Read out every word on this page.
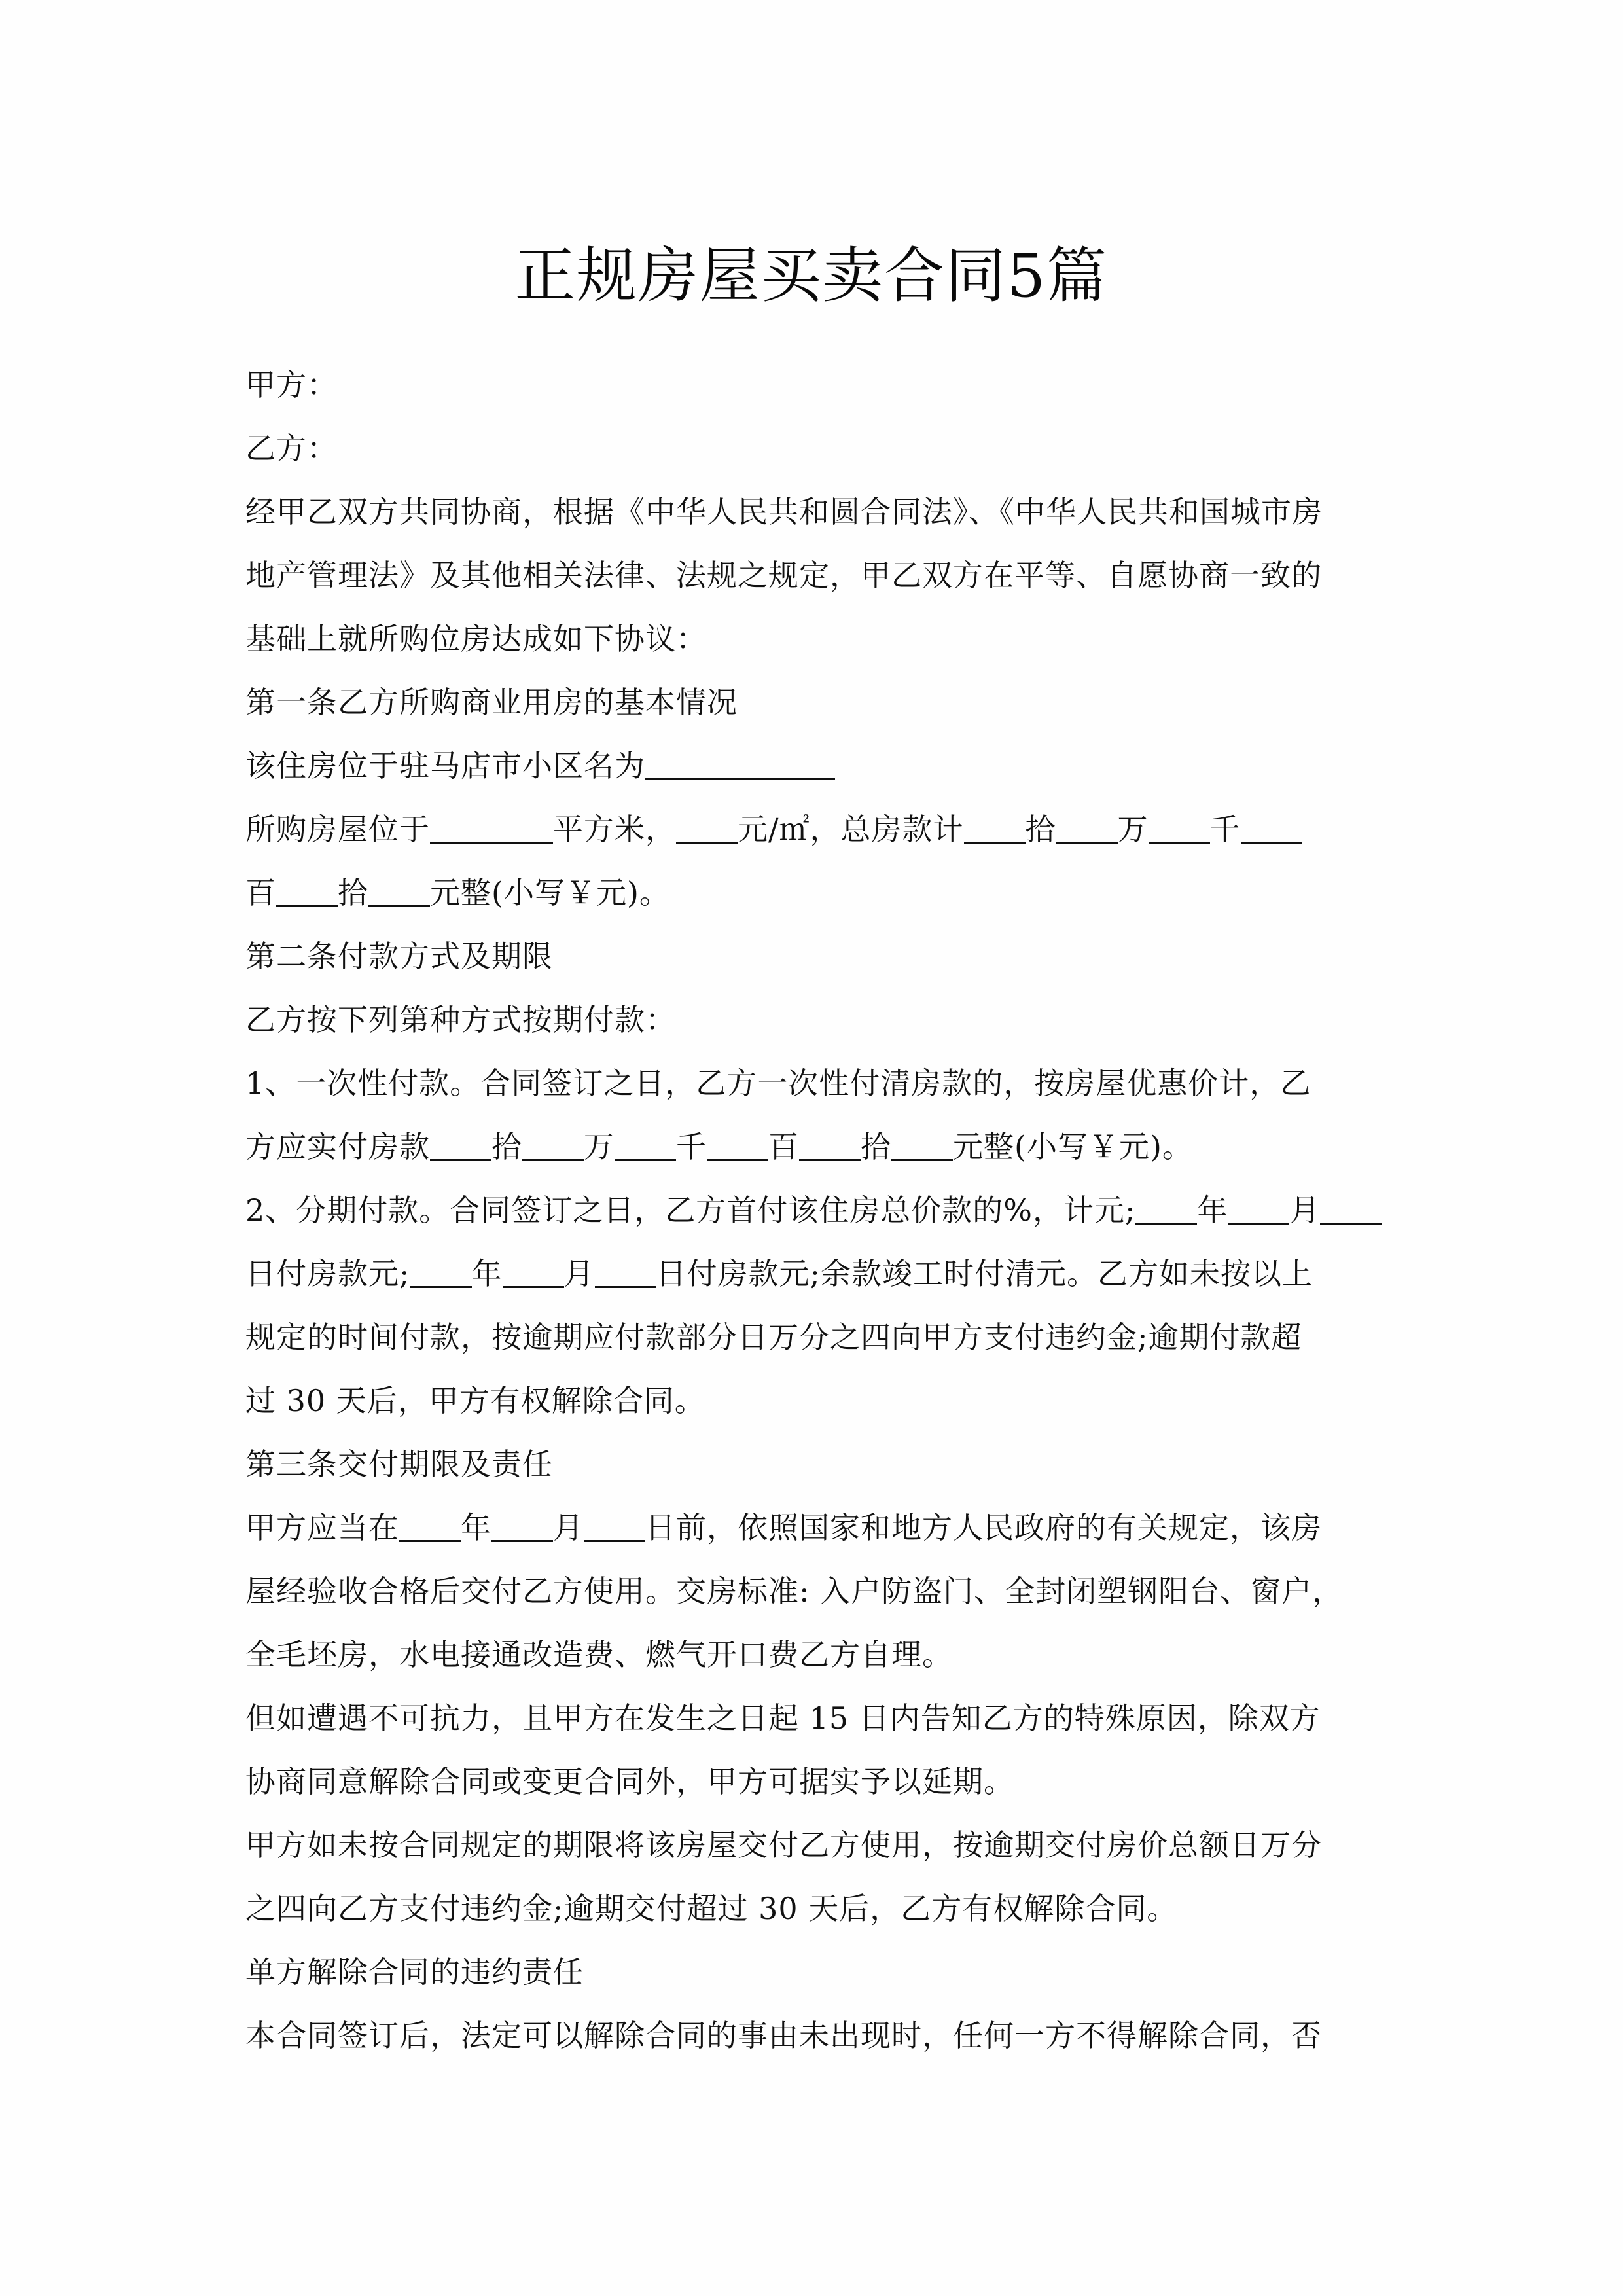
正规房屋买卖合同5篇
甲方：
乙方：
经甲乙双方共同协商，根据《中华人民共和圆合同法》、《中华人民共和国城市房
地产管理法》及其他相关法律、法规之规定，甲乙双方在平等、自愿协商一致的
基础上就所购位房达成如下协议：
第一条乙方所购商业用房的基本情况
该住房位于驻马店市小区名为
所购房屋位于	平方米， 元/㎡，总房款计 拾 万 千
百 拾 元整(小写￥元)。
第二条付款方式及期限
乙方按下列第种方式按期付款：
1、一次性付款。合同签订之日，乙方一次性付清房款的，按房屋优惠价计，乙
方应实付房款 拾 万 千 百 拾 元整(小写￥元)。
2、分期付款。合同签订之日，乙方首付该住房总价款的%，计元; 年 月
日付房款元; 年 月 日付房款元;余款竣工时付清元。乙方如未按以上
规定的时间付款，按逾期应付款部分日万分之四向甲方支付违约金;逾期付款超
过 30 天后，甲方有权解除合同。
第三条交付期限及责任
甲方应当在 年 月 日前，依照国家和地方人民政府的有关规定，该房
屋经验收合格后交付乙方使用。交房标准: 入户防盗门、全封闭塑钢阳台、窗户，
全毛坯房，水电接通改造费、燃气开口费乙方自理。
但如遭遇不可抗力，且甲方在发生之日起 15 日内告知乙方的特殊原因，除双方
协商同意解除合同或变更合同外，甲方可据实予以延期。
甲方如未按合同规定的期限将该房屋交付乙方使用，按逾期交付房价总额日万分
之四向乙方支付违约金;逾期交付超过 30 天后，乙方有权解除合同。
单方解除合同的违约责任
本合同签订后，法定可以解除合同的事由未出现时，任何一方不得解除合同，否
